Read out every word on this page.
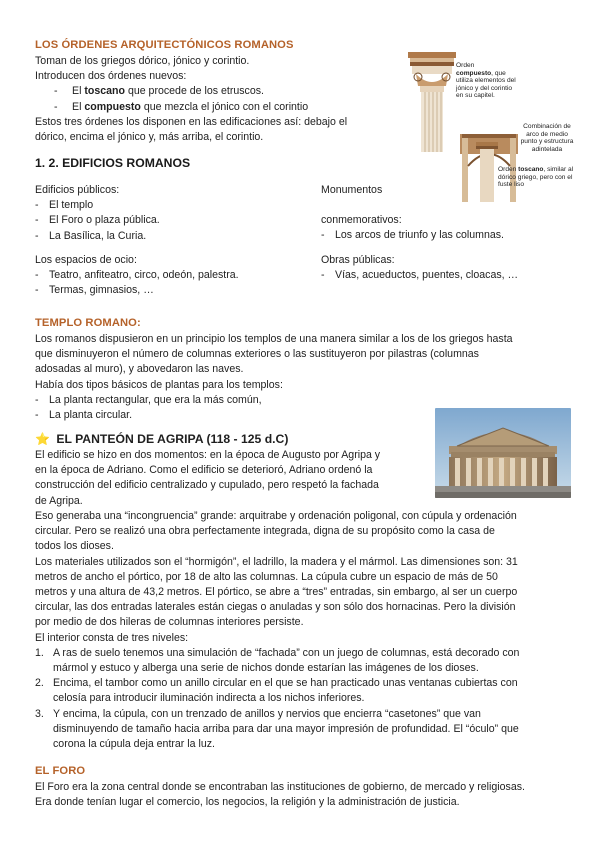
LOS ÓRDENES ARQUITECTÓNICOS ROMANOS

Toman de los griegos dórico, jónico y corintio.

Introducen dos órdenes nuevos:

- El toscano que procede de los etruscos.
- El compuesto que mezcla el jónico con el corintio

Estos tres órdenes los disponen en las edificaciones así: debajo el

dórico, encima el jónico y, más arriba, el corintio.

Orden
compuesto, que utiliza elementos del jónico y del corintio en su capitel.
Combinación de arco de medio punto y estructura adintelada
Orden toscano, similar al dórico griego, pero con el fuste liso
1. 2. EDIFICIOS ROMANOS

Edificios públicos:

- El templo
- El Foro o plaza pública.
- La Basílica, la Curia.

Los espacios de ocio:

- Teatro, anfiteatro, circo, odeón, palestra.
- Termas, gimnasios, …

Monumentos

conmemorativos:

- Los arcos de triunfo y las columnas.

Obras públicas:

- Vías, acueductos, puentes, cloacas, …
TEMPLO ROMANO:

Los romanos dispusieron en un principio los templos de una manera similar a los de los griegos hasta

que disminuyeron el número de columnas exteriores o las sustituyeron por pilastras (columnas

adosadas al muro), y abovedaron las naves.

Había dos tipos básicos de plantas para los templos:

- La planta rectangular, que era la más común,
- La planta circular.
⭐ EL PANTEÓN DE AGRIPA (118 - 125 d.C)

El edificio se hizo en dos momentos: en la época de Augusto por Agripa y

en la época de Adriano. Como el edificio se deterioró, Adriano ordenó la

construcción del edificio centralizado y cupulado, pero respetó la fachada

de Agripa.

Eso generaba una “incongruencia” grande: arquitrabe y ordenación poligonal, con cúpula y ordenación

circular. Pero se realizó una obra perfectamente integrada, digna de su propósito como la casa de

todos los dioses.

Los materiales utilizados son el “hormigón”, el ladrillo, la madera y el mármol. Las dimensiones son: 31

metros de ancho el pórtico, por 18 de alto las columnas. La cúpula cubre un espacio de más de 50

metros y una altura de 43,2 metros. El pórtico, se abre a “tres” entradas, sin embargo, al ser un cuerpo

circular, las dos entradas laterales están ciegas o anuladas y son sólo dos hornacinas. Pero la división

por medio de dos hileras de columnas interiores persiste.

El interior consta de tres niveles:

1. A ras de suelo tenemos una simulación de “fachada” con un juego de columnas, está decorado con
mármol y estuco y alberga una serie de nichos donde estarían las imágenes de los dioses.
2. Encima, el tambor como un anillo circular en el que se han practicado unas ventanas cubiertas con
celosía para introducir iluminación indirecta a los nichos inferiores.
3. Y encima, la cúpula, con un trenzado de anillos y nervios que encierra “casetones” que van
disminuyendo de tamaño hacia arriba para dar una mayor impresión de profundidad. El “óculo” que
corona la cúpula deja entrar la luz.
EL FORO

El Foro era la zona central donde se encontraban las instituciones de gobierno, de mercado y religiosas.

Era donde tenían lugar el comercio, los negocios, la religión y la administración de justicia.
